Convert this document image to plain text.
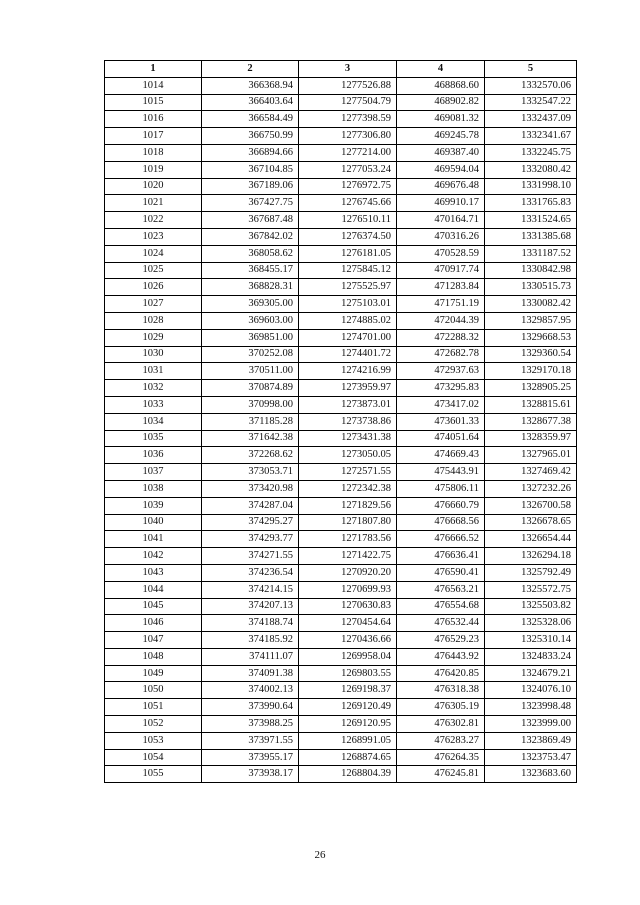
1	2	3	4	5
1014	366368.94	1277526.88	468868.60	1332570.06
1015	366403.64	1277504.79	468902.82	1332547.22
1016	366584.49	1277398.59	469081.32	1332437.09
1017	366750.99	1277306.80	469245.78	1332341.67
1018	366894.66	1277214.00	469387.40	1332245.75
1019	367104.85	1277053.24	469594.04	1332080.42
1020	367189.06	1276972.75	469676.48	1331998.10
1021	367427.75	1276745.66	469910.17	1331765.83
1022	367687.48	1276510.11	470164.71	1331524.65
1023	367842.02	1276374.50	470316.26	1331385.68
1024	368058.62	1276181.05	470528.59	1331187.52
1025	368455.17	1275845.12	470917.74	1330842.98
1026	368828.31	1275525.97	471283.84	1330515.73
1027	369305.00	1275103.01	471751.19	1330082.42
1028	369603.00	1274885.02	472044.39	1329857.95
1029	369851.00	1274701.00	472288.32	1329668.53
1030	370252.08	1274401.72	472682.78	1329360.54
1031	370511.00	1274216.99	472937.63	1329170.18
1032	370874.89	1273959.97	473295.83	1328905.25
1033	370998.00	1273873.01	473417.02	1328815.61
1034	371185.28	1273738.86	473601.33	1328677.38
1035	371642.38	1273431.38	474051.64	1328359.97
1036	372268.62	1273050.05	474669.43	1327965.01
1037	373053.71	1272571.55	475443.91	1327469.42
1038	373420.98	1272342.38	475806.11	1327232.26
1039	374287.04	1271829.56	476660.79	1326700.58
1040	374295.27	1271807.80	476668.56	1326678.65
1041	374293.77	1271783.56	476666.52	1326654.44
1042	374271.55	1271422.75	476636.41	1326294.18
1043	374236.54	1270920.20	476590.41	1325792.49
1044	374214.15	1270699.93	476563.21	1325572.75
1045	374207.13	1270630.83	476554.68	1325503.82
1046	374188.74	1270454.64	476532.44	1325328.06
1047	374185.92	1270436.66	476529.23	1325310.14
1048	374111.07	1269958.04	476443.92	1324833.24
1049	374091.38	1269803.55	476420.85	1324679.21
1050	374002.13	1269198.37	476318.38	1324076.10
1051	373990.64	1269120.49	476305.19	1323998.48
1052	373988.25	1269120.95	476302.81	1323999.00
1053	373971.55	1268991.05	476283.27	1323869.49
1054	373955.17	1268874.65	476264.35	1323753.47
1055	373938.17	1268804.39	476245.81	1323683.60
26
